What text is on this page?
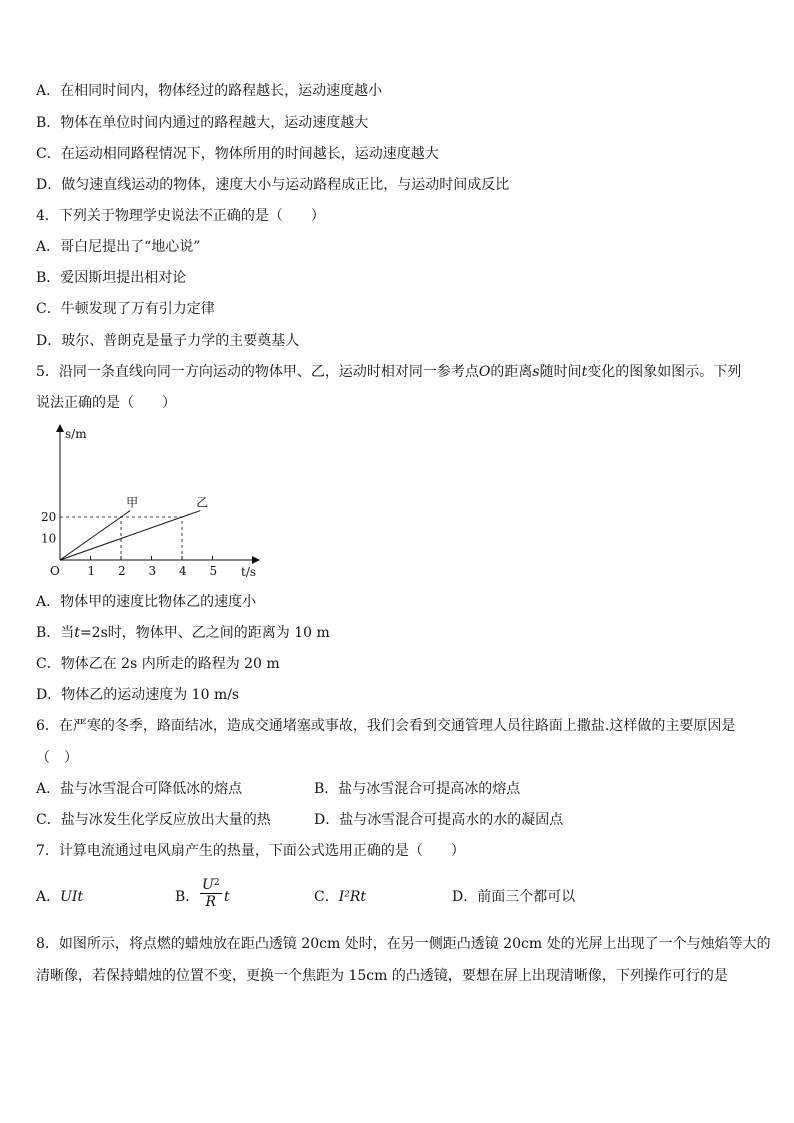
A．在相同时间内，物体经过的路程越长，运动速度越小
B．物体在单位时间内通过的路程越大，运动速度越大
C．在运动相同路程情况下，物体所用的时间越长，运动速度越大
D．做匀速直线运动的物体，速度大小与运动路程成正比，与运动时间成反比
4．下列关于物理学史说法不正确的是（　　）
A．哥白尼提出了“地心说”
B．爱因斯坦提出相对论
C．牛顿发现了万有引力定律
D．玻尔、普朗克是量子力学的主要奠基人
5．沿同一条直线向同一方向运动的物体甲、乙，运动时相对同一参考点O的距离s随时间t变化的图象如图示。下列
说法正确的是（　　）
甲	乙
1 2 3 4 5
10
20
O	t/s
s/m
A．物体甲的速度比物体乙的速度小
B．当t=2s时，物体甲、乙之间的距离为 10 m
C．物体乙在 2s 内所走的路程为 20 m
D．物体乙的运动速度为 10 m/s
6．在严寒的冬季，路面结冰，造成交通堵塞或事故，我们会看到交通管理人员往路面上撒盐.这样做的主要原因是
（　）
A．盐与冰雪混合可降低冰的熔点	B．盐与冰雪混合可提高冰的熔点
C．盐与冰发生化学反应放出大量的热	D．盐与冰雪混合可提高水的水的凝固点
7．计算电流通过电风扇产生的热量，下面公式选用正确的是（　　）
A．UIt	B． $\frac{U^2}{R}$ t	C．I²Rt	D．前面三个都可以
8．如图所示，将点燃的蜡烛放在距凸透镜 20cm 处时，在另一侧距凸透镜 20cm 处的光屏上出现了一个与烛焰等大的
清晰像，若保持蜡烛的位置不变，更换一个焦距为 15cm 的凸透镜，要想在屏上出现清晰像，下列操作可行的是
